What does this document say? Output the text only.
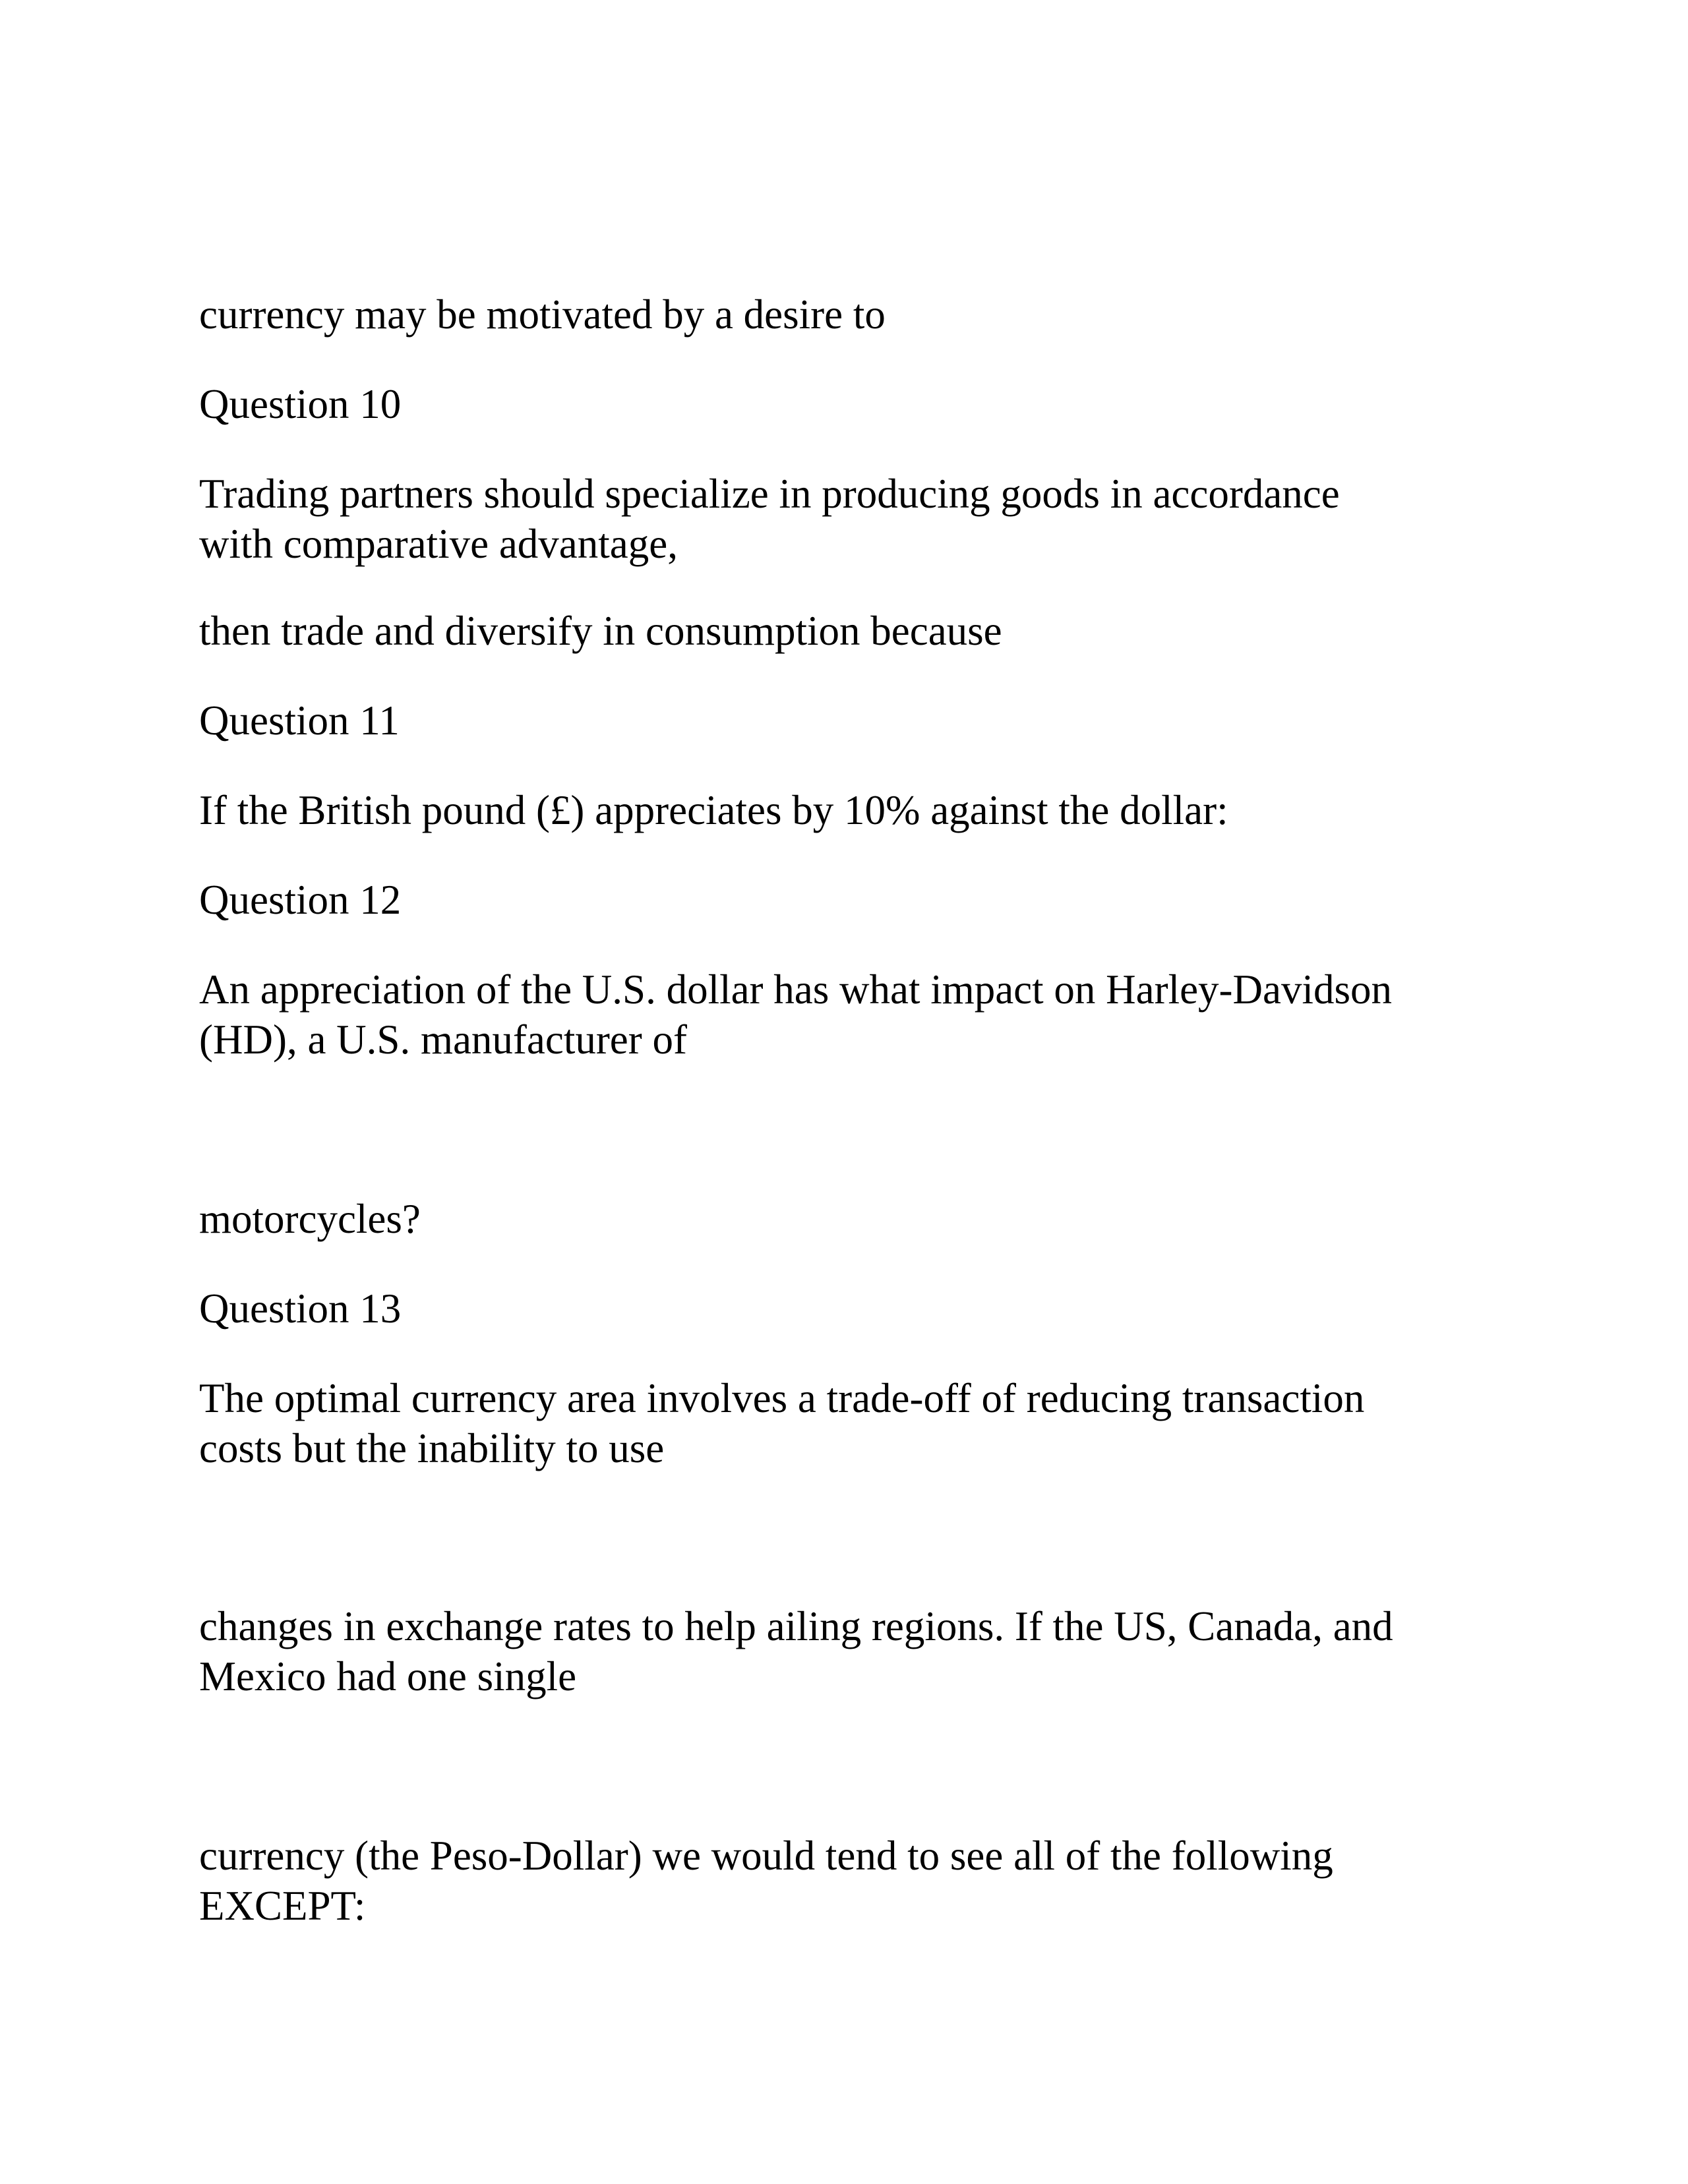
currency may be motivated by a desire to

Question 10

Trading partners should specialize in producing goods in accordance

with comparative advantage,

then trade and diversify in consumption because

Question 11

If the British pound (£) appreciates by 10% against the dollar:

Question 12

An appreciation of the U.S. dollar has what impact on Harley-Davidson

(HD), a U.S. manufacturer of

motorcycles?

Question 13

The optimal currency area involves a trade-off of reducing transaction

costs but the inability to use

changes in exchange rates to help ailing regions. If the US, Canada, and

Mexico had one single

currency (the Peso-Dollar) we would tend to see all of the following

EXCEPT:
